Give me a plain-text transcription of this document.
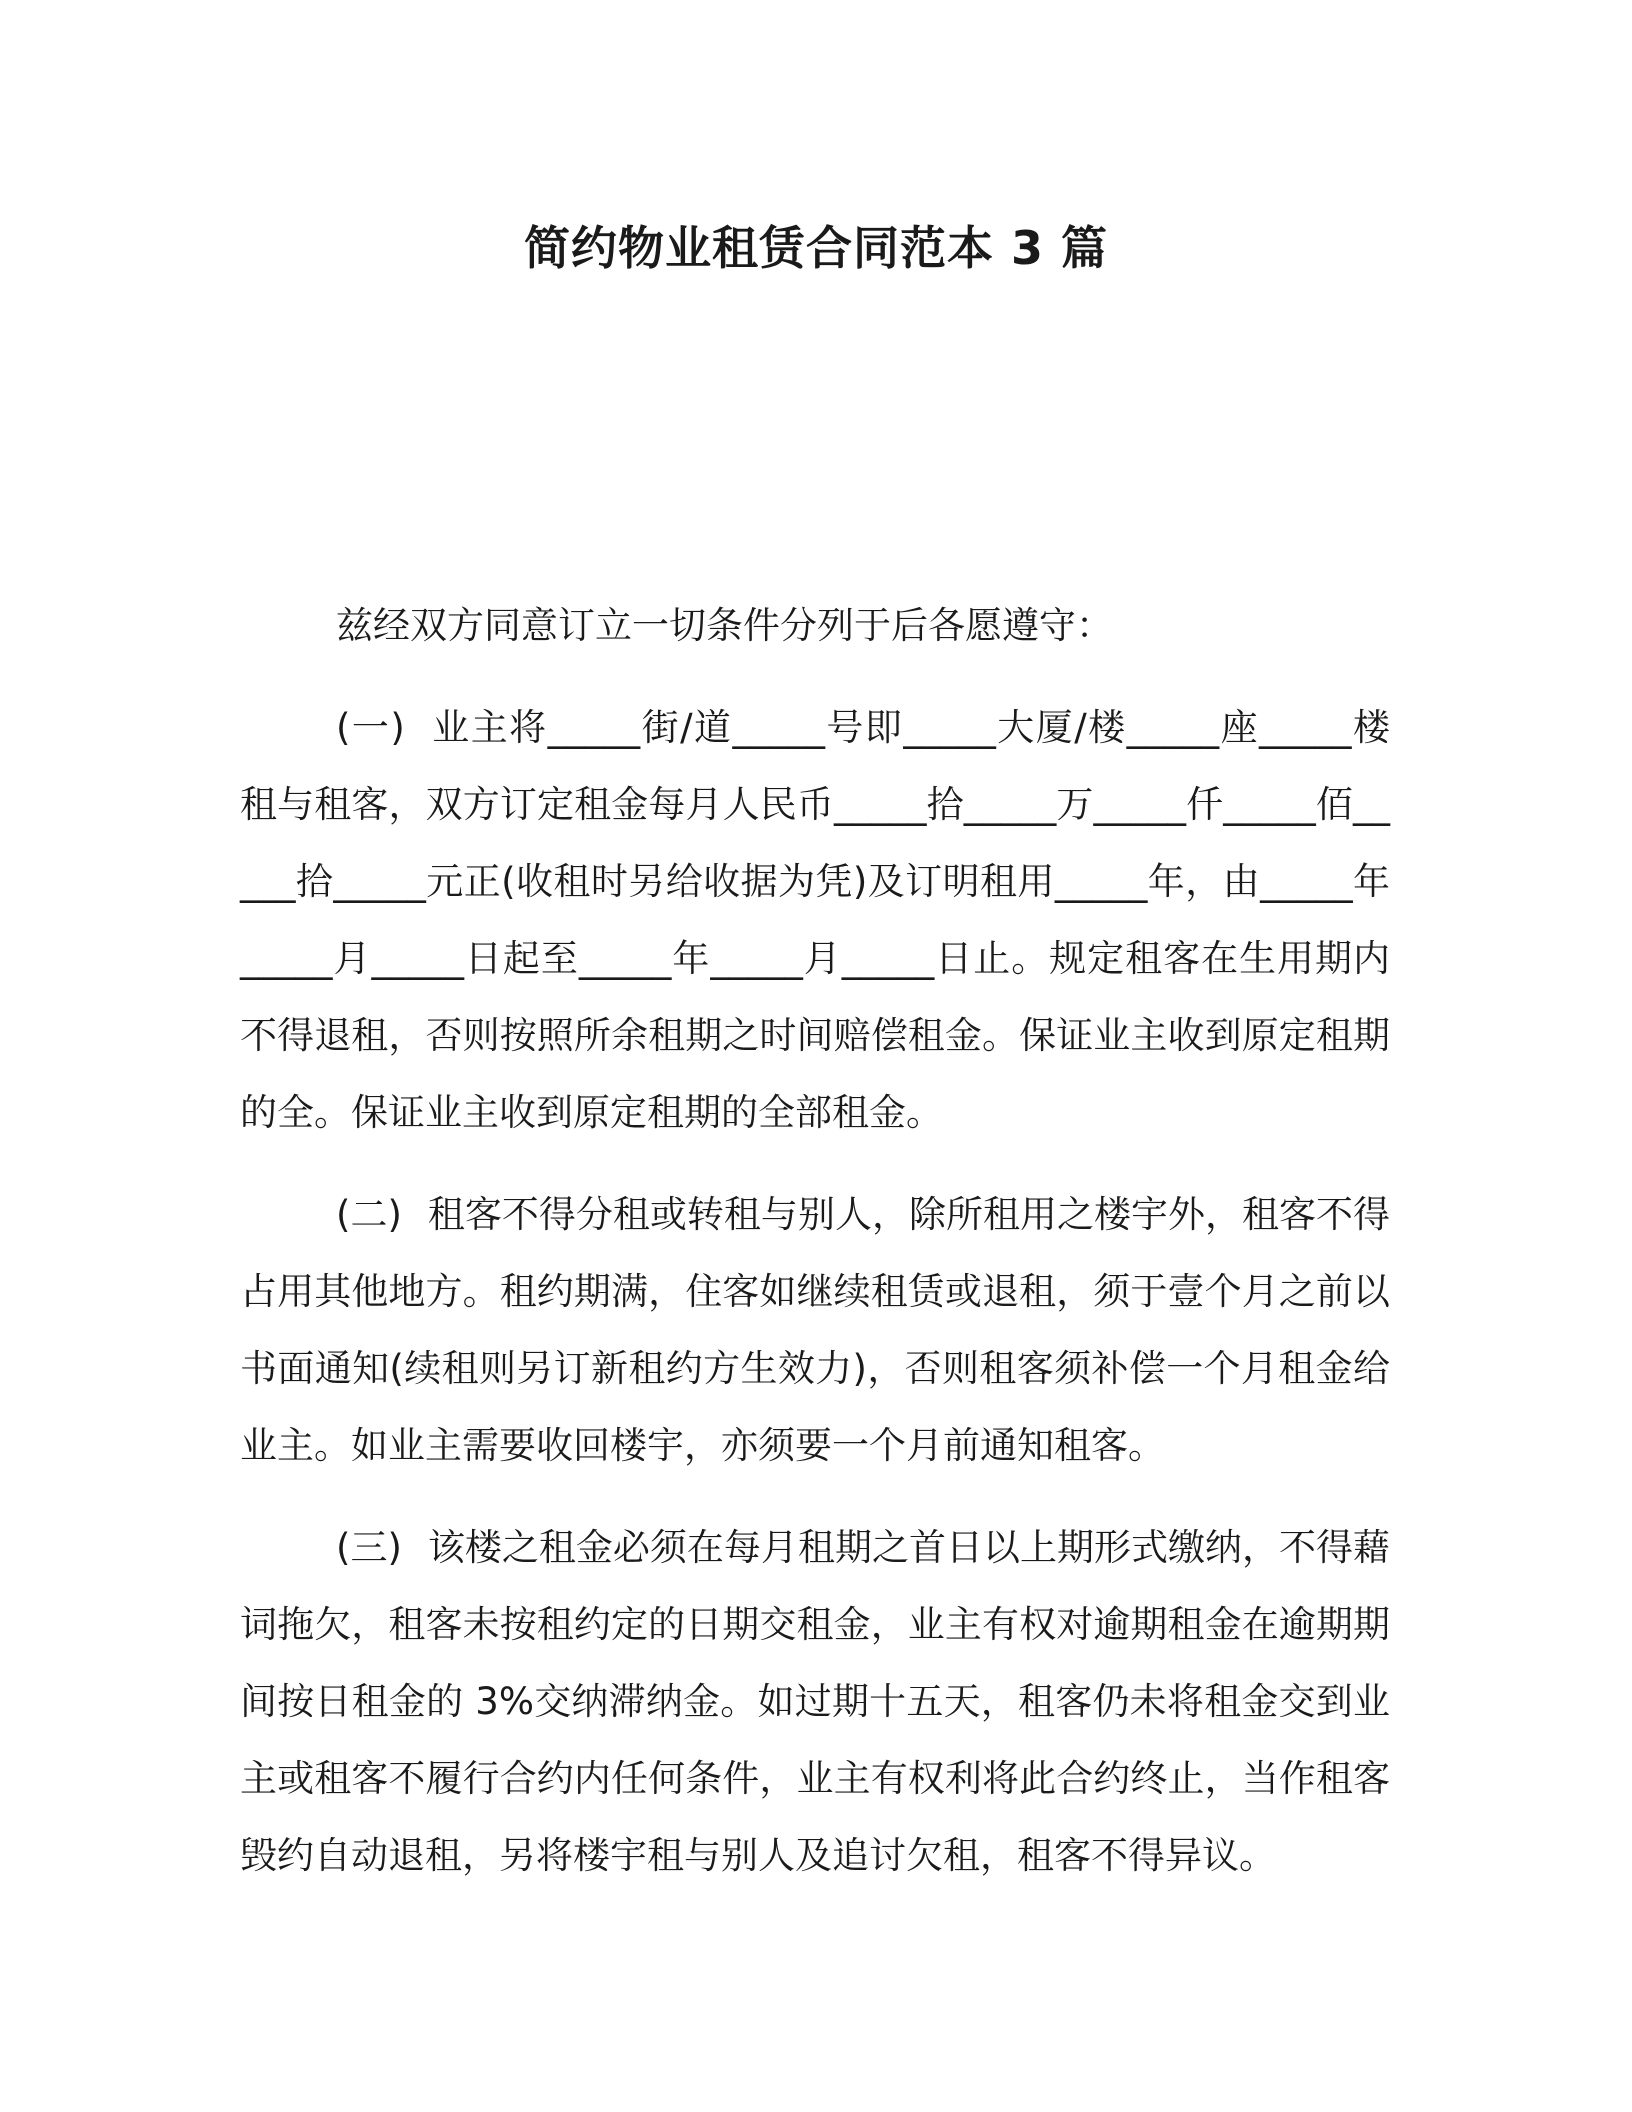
简约物业租赁合同范本 3 篇

兹经双方同意订立一切条件分列于后各愿遵守：

(一) 业主将_____街/道_____号即_____大厦/楼_____座_____楼租与租客，双方订定租金每月人民币_____拾_____万_____仟_____佰_____拾_____元正(收租时另给收据为凭)及订明租用_____年，由_____年_____月_____日起至_____年_____月_____日止。规定租客在生用期内不得退租，否则按照所余租期之时间赔偿租金。保证业主收到原定租期的全。保证业主收到原定租期的全部租金。

(二) 租客不得分租或转租与别人，除所租用之楼宇外，租客不得占用其他地方。租约期满，住客如继续租赁或退租，须于壹个月之前以书面通知(续租则另订新租约方生效力)，否则租客须补偿一个月租金给业主。如业主需要收回楼宇，亦须要一个月前通知租客。

(三) 该楼之租金必须在每月租期之首日以上期形式缴纳，不得藉词拖欠，租客未按租约定的日期交租金，业主有权对逾期租金在逾期期间按日租金的 3%交纳滞纳金。如过期十五天，租客仍未将租金交到业主或租客不履行合约内任何条件，业主有权利将此合约终止，当作租客毁约自动退租，另将楼宇租与别人及追讨欠租，租客不得异议。
